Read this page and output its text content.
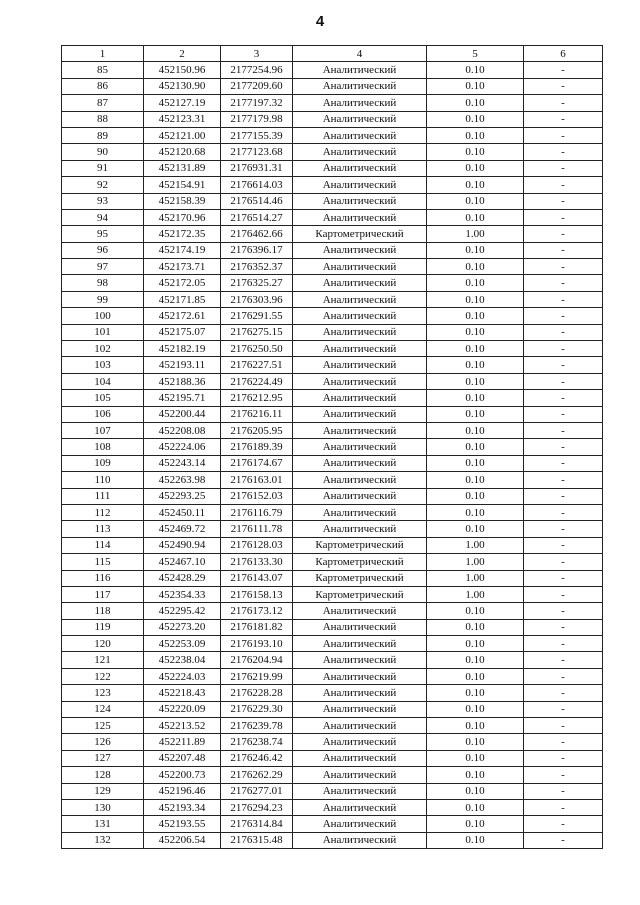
4
1	2	3	4	5	6
85	452150.96	2177254.96	Аналитический	0.10	-
86	452130.90	2177209.60	Аналитический	0.10	-
87	452127.19	2177197.32	Аналитический	0.10	-
88	452123.31	2177179.98	Аналитический	0.10	-
89	452121.00	2177155.39	Аналитический	0.10	-
90	452120.68	2177123.68	Аналитический	0.10	-
91	452131.89	2176931.31	Аналитический	0.10	-
92	452154.91	2176614.03	Аналитический	0.10	-
93	452158.39	2176514.46	Аналитический	0.10	-
94	452170.96	2176514.27	Аналитический	0.10	-
95	452172.35	2176462.66	Картометрический	1.00	-
96	452174.19	2176396.17	Аналитический	0.10	-
97	452173.71	2176352.37	Аналитический	0.10	-
98	452172.05	2176325.27	Аналитический	0.10	-
99	452171.85	2176303.96	Аналитический	0.10	-
100	452172.61	2176291.55	Аналитический	0.10	-
101	452175.07	2176275.15	Аналитический	0.10	-
102	452182.19	2176250.50	Аналитический	0.10	-
103	452193.11	2176227.51	Аналитический	0.10	-
104	452188.36	2176224.49	Аналитический	0.10	-
105	452195.71	2176212.95	Аналитический	0.10	-
106	452200.44	2176216.11	Аналитический	0.10	-
107	452208.08	2176205.95	Аналитический	0.10	-
108	452224.06	2176189.39	Аналитический	0.10	-
109	452243.14	2176174.67	Аналитический	0.10	-
110	452263.98	2176163.01	Аналитический	0.10	-
111	452293.25	2176152.03	Аналитический	0.10	-
112	452450.11	2176116.79	Аналитический	0.10	-
113	452469.72	2176111.78	Аналитический	0.10	-
114	452490.94	2176128.03	Картометрический	1.00	-
115	452467.10	2176133.30	Картометрический	1.00	-
116	452428.29	2176143.07	Картометрический	1.00	-
117	452354.33	2176158.13	Картометрический	1.00	-
118	452295.42	2176173.12	Аналитический	0.10	-
119	452273.20	2176181.82	Аналитический	0.10	-
120	452253.09	2176193.10	Аналитический	0.10	-
121	452238.04	2176204.94	Аналитический	0.10	-
122	452224.03	2176219.99	Аналитический	0.10	-
123	452218.43	2176228.28	Аналитический	0.10	-
124	452220.09	2176229.30	Аналитический	0.10	-
125	452213.52	2176239.78	Аналитический	0.10	-
126	452211.89	2176238.74	Аналитический	0.10	-
127	452207.48	2176246.42	Аналитический	0.10	-
128	452200.73	2176262.29	Аналитический	0.10	-
129	452196.46	2176277.01	Аналитический	0.10	-
130	452193.34	2176294.23	Аналитический	0.10	-
131	452193.55	2176314.84	Аналитический	0.10	-
132	452206.54	2176315.48	Аналитический	0.10	-
